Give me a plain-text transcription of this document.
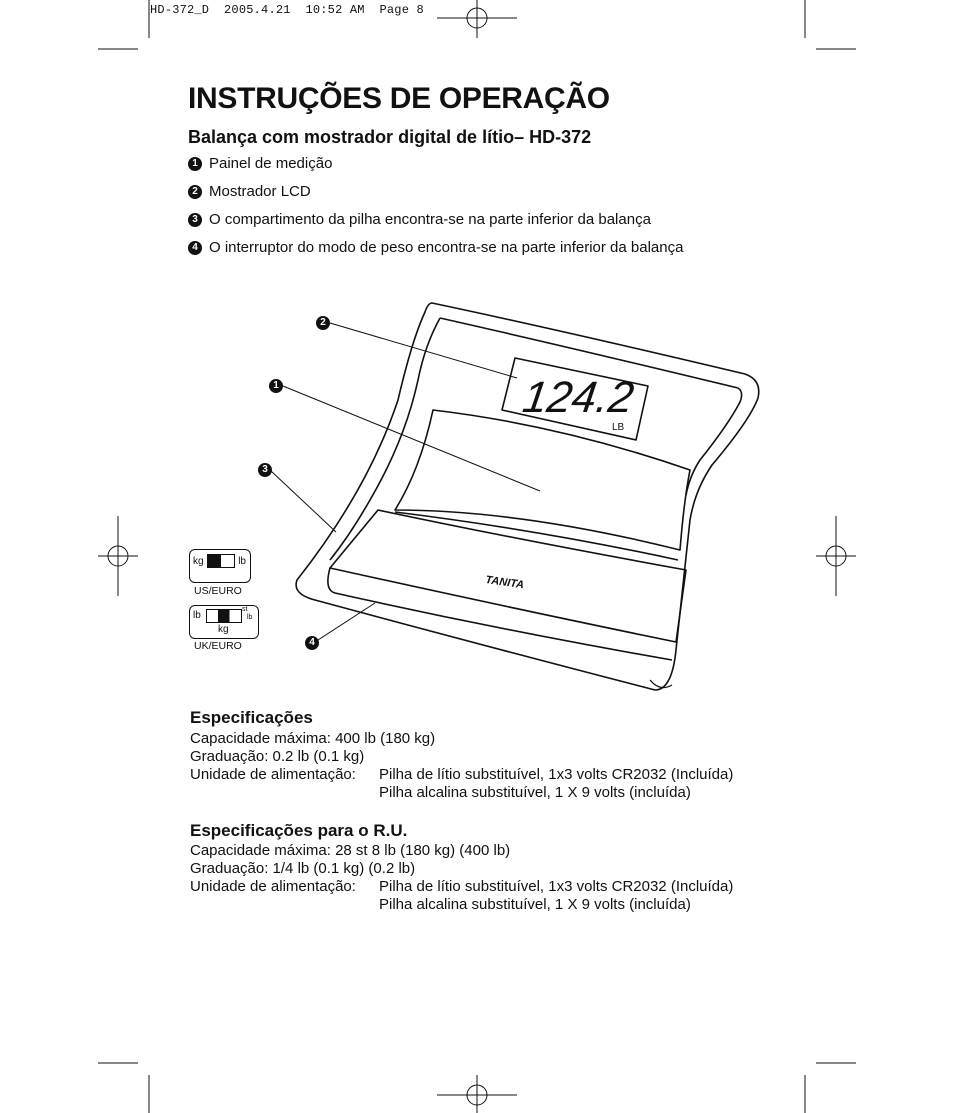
HD-372_D 2005.4.21 10:52 AM Page 8
INSTRUÇÕES DE OPERAÇÃO
Balança com mostrador digital de lítio– HD-372
1 Painel de medição
2 Mostrador LCD
3 O compartimento da pilha encontra-se na parte inferior da balança
4 O interruptor do modo de peso encontra-se na parte inferior da balança
124.2
LB
TANITA
2
1
3
4
kg	lb
US/EURO
lb
st
lb
kg
UK/EURO
Especificações
Capacidade máxima: 400 lb (180 kg)
Graduação: 0.2 lb (0.1 kg)
Unidade de alimentação: Pilha de lítio substituível, 1x3 volts CR2032 (Incluída)
Pilha alcalina substituível, 1 X 9 volts (incluída)
Especificações para o R.U.
Capacidade máxima: 28 st 8 lb (180 kg) (400 lb)
Graduação: 1/4 lb (0.1 kg) (0.2 lb)
Unidade de alimentação: Pilha de lítio substituível, 1x3 volts CR2032 (Incluída)
Pilha alcalina substituível, 1 X 9 volts (incluída)
